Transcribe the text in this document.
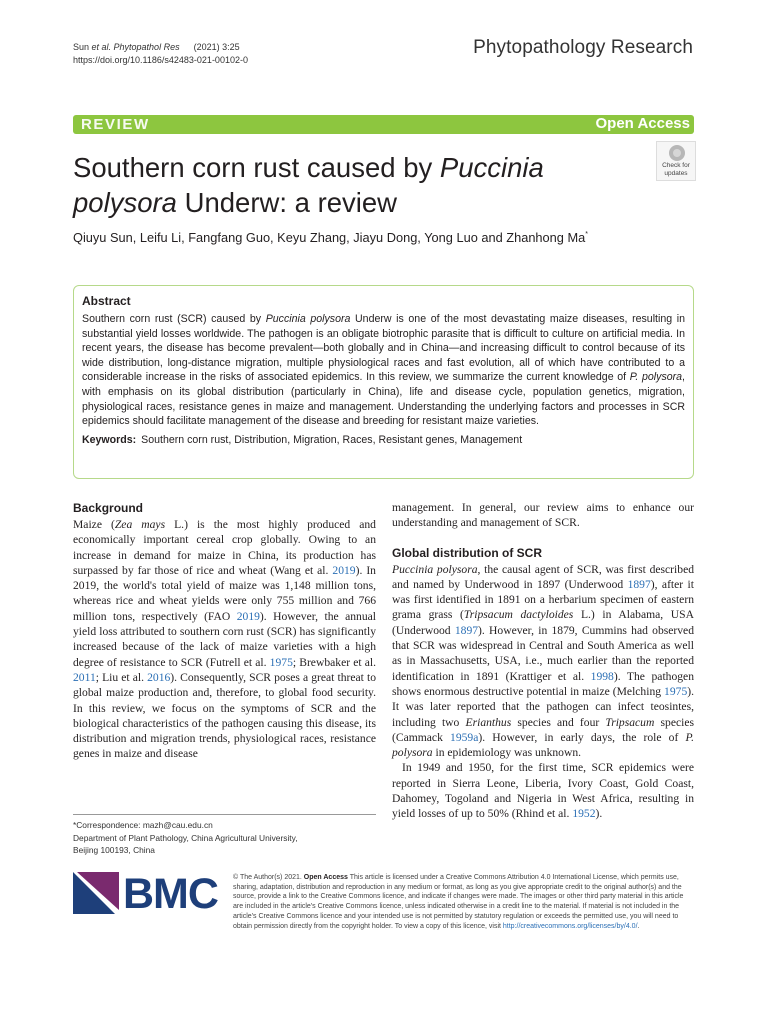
Sun et al. Phytopathol Res (2021) 3:25
https://doi.org/10.1186/s42483-021-00102-0
Phytopathology Research
REVIEW	Open Access
Southern corn rust caused by Puccinia
polysora Underw: a review
Check for
updates
Qiuyu Sun, Leifu Li, Fangfang Guo, Keyu Zhang, Jiayu Dong, Yong Luo and Zhanhong Ma*
Abstract
Southern corn rust (SCR) caused by Puccinia polysora Underw is one of the most devastating maize diseases, resulting in substantial yield losses worldwide. The pathogen is an obligate biotrophic parasite that is difficult to culture on artificial media. In recent years, the disease has become prevalent—both globally and in China—and increasing difficult to control because of its wide distribution, long-distance migration, multiple physiological races and fast evolution, all of which have contributed to a considerable increase in the risks of associated epidemics. In this review, we summarize the current knowledge of P. polysora, with emphasis on its global distribution (particularly in China), life and disease cycle, population genetics, migration, physiological races, resistance genes in maize and management. Understanding the underlying factors and processes in SCR epidemics should facilitate management of the disease and breeding for resistant maize varieties.
Keywords: Southern corn rust, Distribution, Migration, Races, Resistant genes, Management
Background

Maize (Zea mays L.) is the most highly produced and economically important cereal crop globally. Owing to an increase in demand for maize in China, its production has surpassed by far those of rice and wheat (Wang et al. 2019). In 2019, the world's total yield of maize was 1,148 million tons, whereas rice and wheat yields were only 755 million and 766 million tons, respectively (FAO 2019). However, the annual yield loss attributed to southern corn rust (SCR) has significantly increased because of the lack of maize varieties with a high degree of resistance to SCR (Futrell et al. 1975; Brewbaker et al. 2011; Liu et al. 2016). Consequently, SCR poses a great threat to global maize production and, therefore, to global food security. In this review, we focus on the symptoms of SCR and the biological characteristics of the pathogen causing this disease, its distribution and migration trends, physiological races, resistance genes in maize and disease

*Correspondence: mazh@cau.edu.cn
Department of Plant Pathology, China Agricultural University,
Beijing 100193, China

management. In general, our review aims to enhance our understanding and management of SCR.

Global distribution of SCR

Puccinia polysora, the causal agent of SCR, was first described and named by Underwood in 1897 (Underwood 1897), after it was first identified in 1891 on a herbarium specimen of eastern grama grass (Tripsacum dactyloides L.) in Alabama, USA (Underwood 1897). However, in 1879, Cummins had observed that SCR was widespread in Central and South America as well as in Massachusetts, USA, i.e., much earlier than the reported identification in 1891 (Krattiger et al. 1998). The pathogen shows enormous destructive potential in maize (Melching 1975). It was later reported that the pathogen can infect teosintes, including two Erianthus species and four Tripsacum species (Cammack 1959a). However, in early days, the role of P. polysora in epidemiology was unknown.

In 1949 and 1950, for the first time, SCR epidemics were reported in Sierra Leone, Liberia, Ivory Coast, Gold Coast, Dahomey, Togoland and Nigeria in West Africa, resulting in yield losses of up to 50% (Rhind et al. 1952).

BMC © The Author(s) 2021. Open Access This article is licensed under a Creative Commons Attribution 4.0 International License, which permits use, sharing, adaptation, distribution and reproduction in any medium or format, as long as you give appropriate credit to the original author(s) and the source, provide a link to the Creative Commons licence, and indicate if changes were made. The images or other third party material in this article are included in the article's Creative Commons licence, unless indicated otherwise in a credit line to the material. If material is not included in the article's Creative Commons licence and your intended use is not permitted by statutory regulation or exceeds the permitted use, you will need to obtain permission directly from the copyright holder. To view a copy of this licence, visit http://creativecommons.org/licenses/by/4.0/.
